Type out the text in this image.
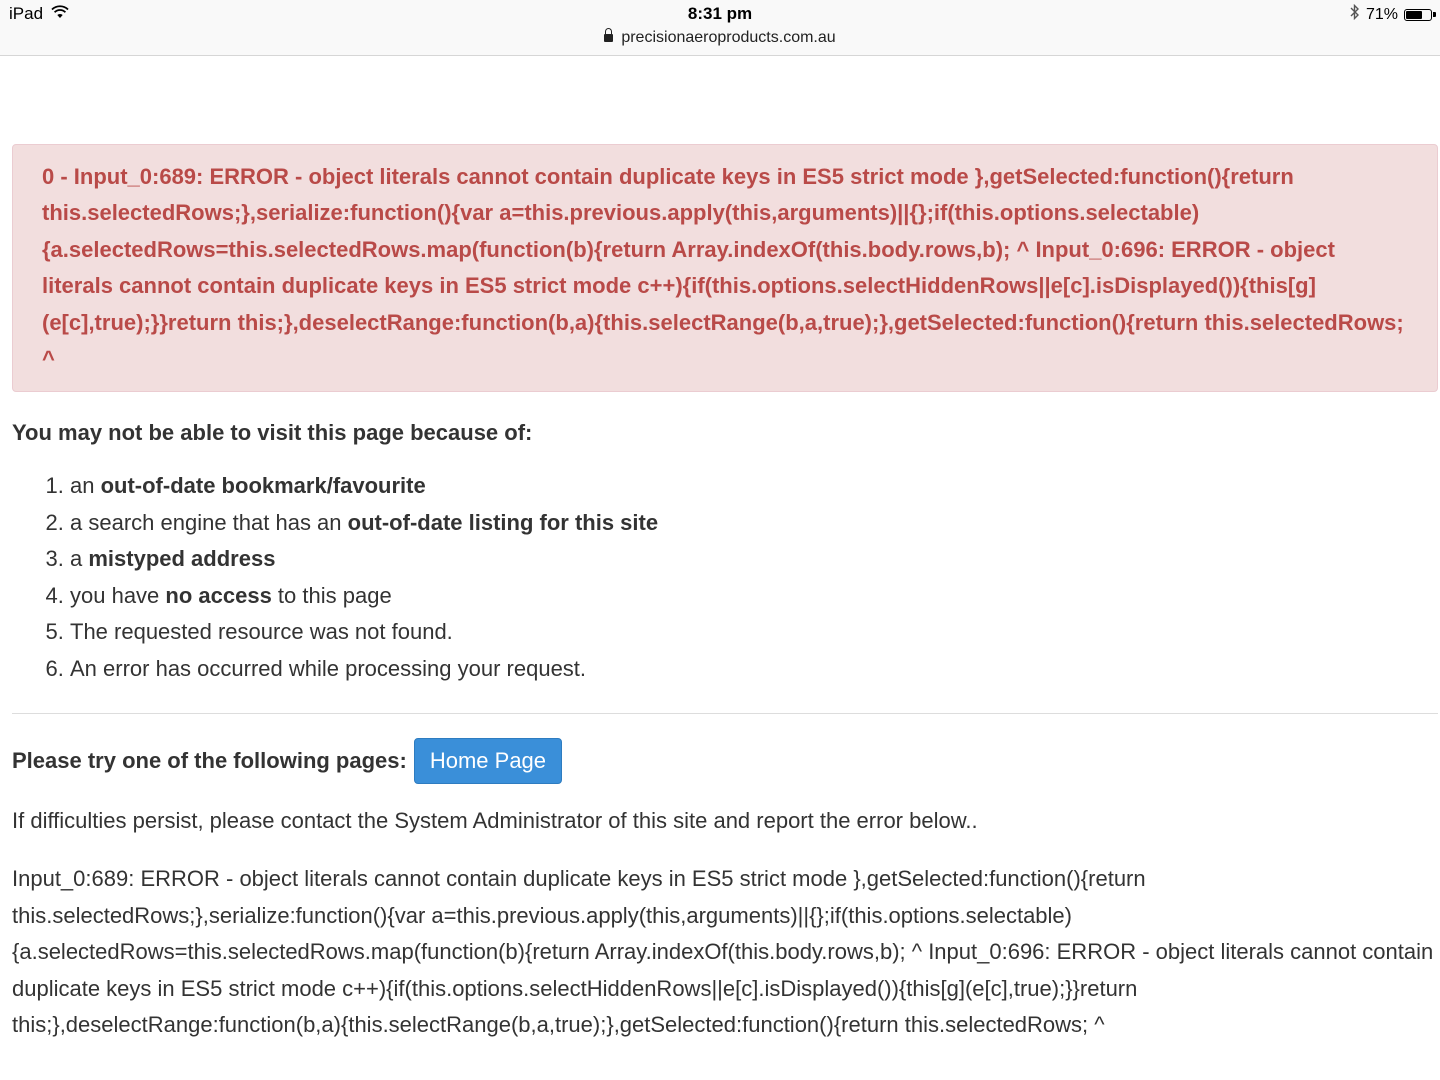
iPad	8:31 pm
precisionaeroproducts.com.au
71%
0 - Input_0:689: ERROR - object literals cannot contain duplicate keys in ES5 strict mode },getSelected:function(){return this.selectedRows;},serialize:function(){var a=this.previous.apply(this,arguments)||{};if(this.options.selectable){a.selectedRows=this.selectedRows.map(function(b){return Array.indexOf(this.body.rows,b); ^ Input_0:696: ERROR - object literals cannot contain duplicate keys in ES5 strict mode c++){if(this.options.selectHiddenRows||e[c].isDisplayed()){this[g](e[c],true);}}return this;},deselectRange:function(b,a){this.selectRange(b,a,true);},getSelected:function(){return this.selectedRows; ^
You may not be able to visit this page because of:
1. an out-of-date bookmark/favourite
2. a search engine that has an out-of-date listing for this site
3. a mistyped address
4. you have no access to this page
5. The requested resource was not found.
6. An error has occurred while processing your request.
Please try one of the following pages:	Home Page
If difficulties persist, please contact the System Administrator of this site and report the error below..
Input_0:689: ERROR - object literals cannot contain duplicate keys in ES5 strict mode },getSelected:function(){return this.selectedRows;},serialize:function(){var a=this.previous.apply(this,arguments)||{};if(this.options.selectable){a.selectedRows=this.selectedRows.map(function(b){return Array.indexOf(this.body.rows,b); ^ Input_0:696: ERROR - object literals cannot contain duplicate keys in ES5 strict mode c++){if(this.options.selectHiddenRows||e[c].isDisplayed()){this[g](e[c],true);}}return this;},deselectRange:function(b,a){this.selectRange(b,a,true);},getSelected:function(){return this.selectedRows; ^
